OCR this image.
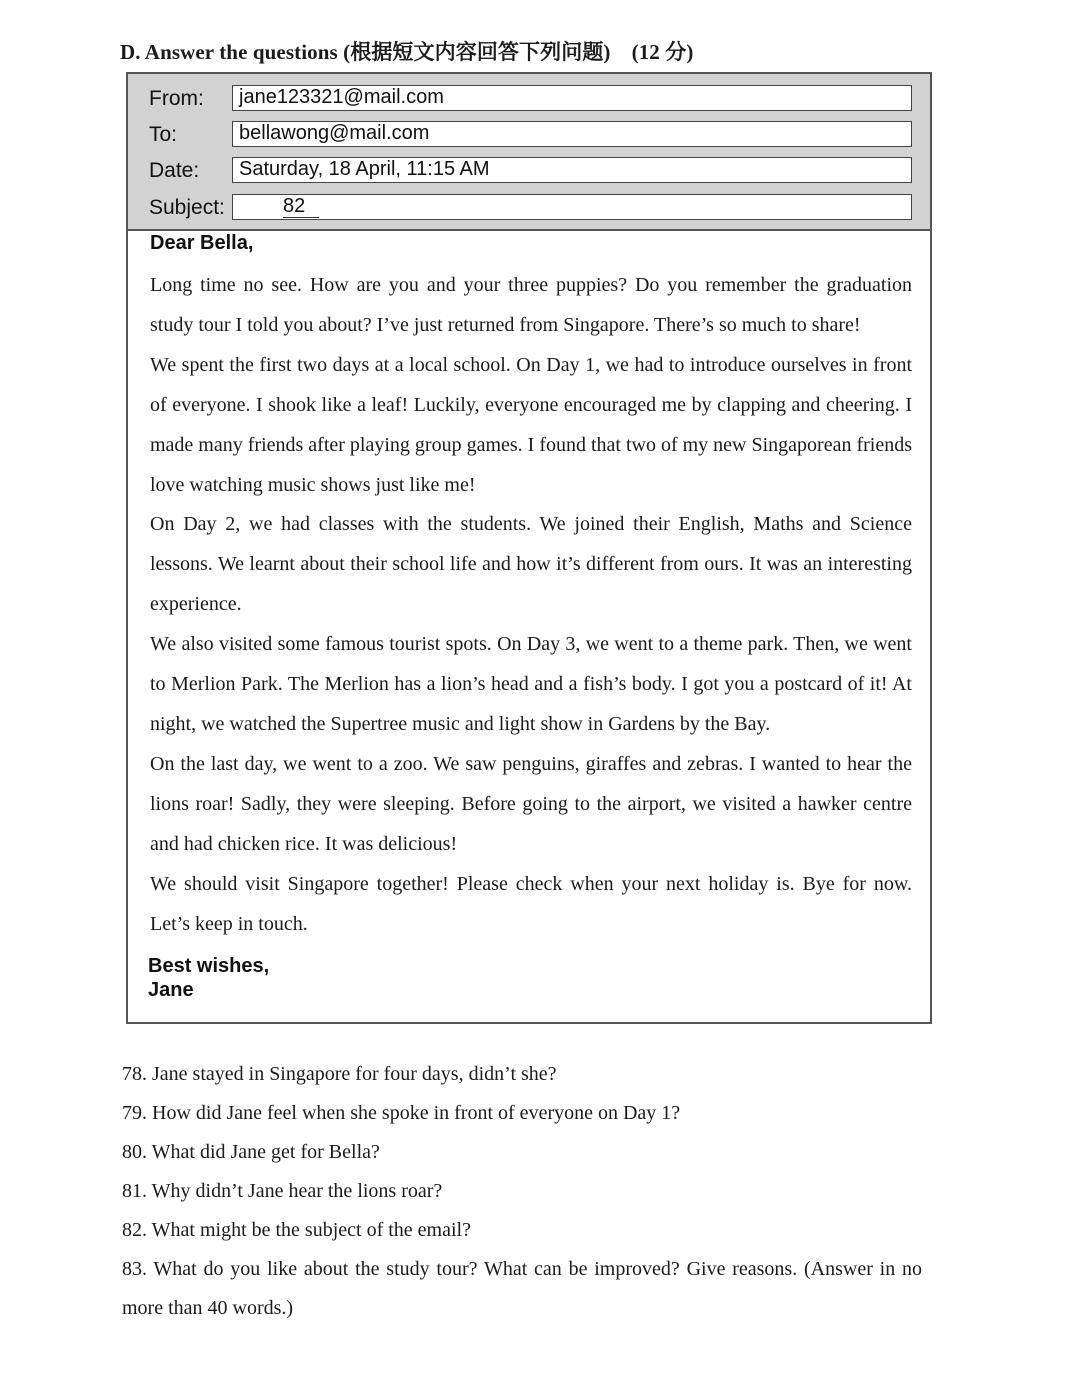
D. Answer the questions (根据短文内容回答下列问题)　(12 分)
From:	jane123321@mail.com
To:	bellawong@mail.com
Date:	Saturday, 18 April, 11:15 AM
Subject:	82
Dear Bella,

Long time no see. How are you and your three puppies? Do you remember the graduation study tour I told you about? I’ve just returned from Singapore. There’s so much to share!

We spent the first two days at a local school. On Day 1, we had to introduce ourselves in front of everyone. I shook like a leaf! Luckily, everyone encouraged me by clapping and cheering. I made many friends after playing group games. I found that two of my new Singaporean friends love watching music shows just like me!

On Day 2, we had classes with the students. We joined their English, Maths and Science lessons. We learnt about their school life and how it’s different from ours. It was an interesting experience.

We also visited some famous tourist spots. On Day 3, we went to a theme park. Then, we went to Merlion Park. The Merlion has a lion’s head and a fish’s body. I got you a postcard of it! At night, we watched the Supertree music and light show in Gardens by the Bay.

On the last day, we went to a zoo. We saw penguins, giraffes and zebras. I wanted to hear the lions roar! Sadly, they were sleeping. Before going to the airport, we visited a hawker centre and had chicken rice. It was delicious!

We should visit Singapore together! Please check when your next holiday is. Bye for now. Let’s keep in touch.

Best wishes,
Jane

78. Jane stayed in Singapore for four days, didn’t she?

79. How did Jane feel when she spoke in front of everyone on Day 1?

80. What did Jane get for Bella?

81. Why didn’t Jane hear the lions roar?

82. What might be the subject of the email?

83. What do you like about the study tour? What can be improved? Give reasons. (Answer in no more than 40 words.)
